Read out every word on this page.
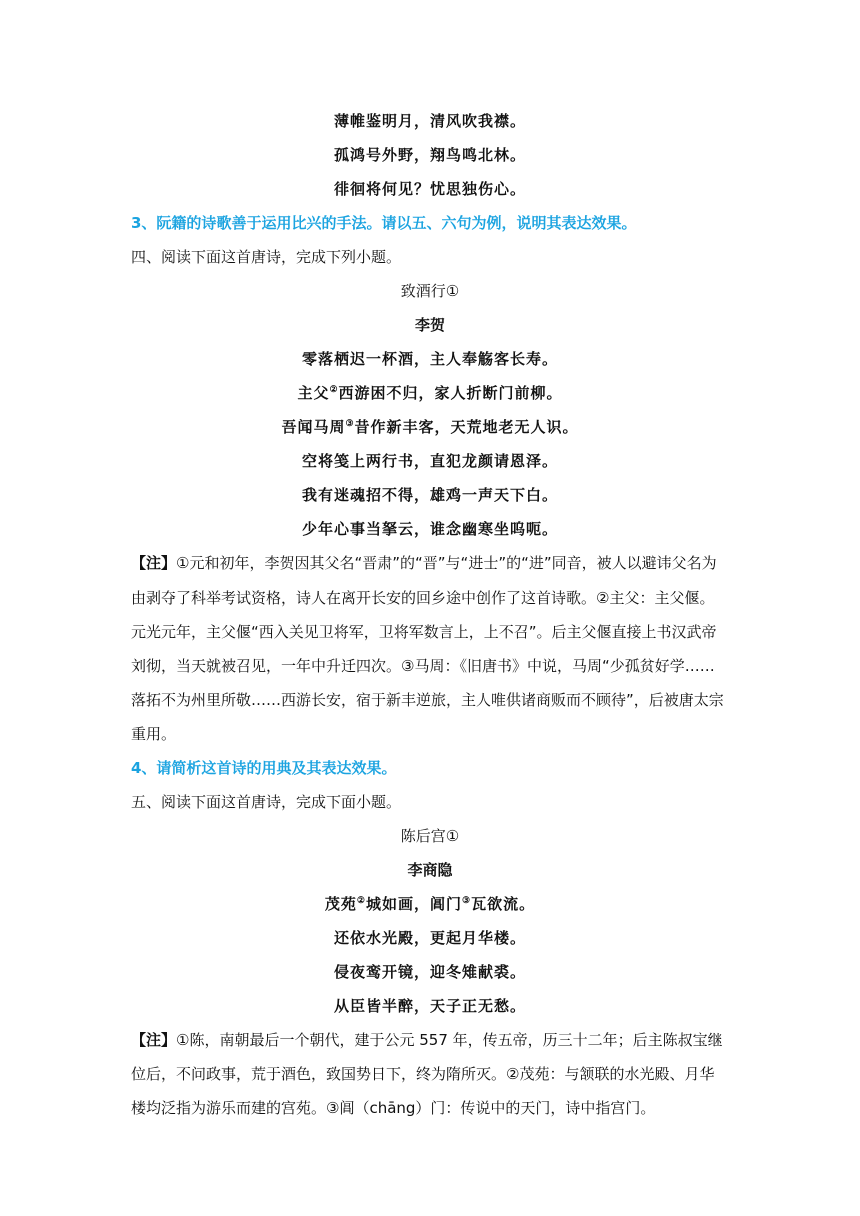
薄帷鉴明月，清风吹我襟。
孤鸿号外野，翔鸟鸣北林。
徘徊将何见？忧思独伤心。
3、阮籍的诗歌善于运用比兴的手法。请以五、六句为例，说明其表达效果。
四、阅读下面这首唐诗，完成下列小题。
致酒行①
李贺
零落栖迟一杯酒，主人奉觞客长寿。
主父②西游困不归，家人折断门前柳。
吾闻马周③昔作新丰客，天荒地老无人识。
空将笺上两行书，直犯龙颜请恩泽。
我有迷魂招不得，雄鸡一声天下白。
少年心事当拏云，谁念幽寒坐呜呃。
【注】①元和初年，李贺因其父名“晋肃”的“晋”与“进士”的“进”同音，被人以避讳父名为
由剥夺了科举考试资格，诗人在离开长安的回乡途中创作了这首诗歌。②主父：主父偃。
元光元年，主父偃“西入关见卫将军，卫将军数言上，上不召”。后主父偃直接上书汉武帝
刘彻，当天就被召见，一年中升迁四次。③马周：《旧唐书》中说，马周“少孤贫好学……
落拓不为州里所敬……西游长安，宿于新丰逆旅，主人唯供诸商贩而不顾待”，后被唐太宗
重用。
4、请简析这首诗的用典及其表达效果。
五、阅读下面这首唐诗，完成下面小题。
陈后宫①
李商隐
茂苑②城如画，阊门③瓦欲流。
还依水光殿，更起月华楼。
侵夜鸾开镜，迎冬雉献裘。
从臣皆半醉，天子正无愁。
【注】①陈，南朝最后一个朝代，建于公元 557 年，传五帝，历三十二年；后主陈叔宝继
位后，不问政事，荒于酒色，致国势日下，终为隋所灭。②茂苑：与颔联的水光殿、月华
楼均泛指为游乐而建的宫苑。③阊（chāng）门：传说中的天门，诗中指宫门。
